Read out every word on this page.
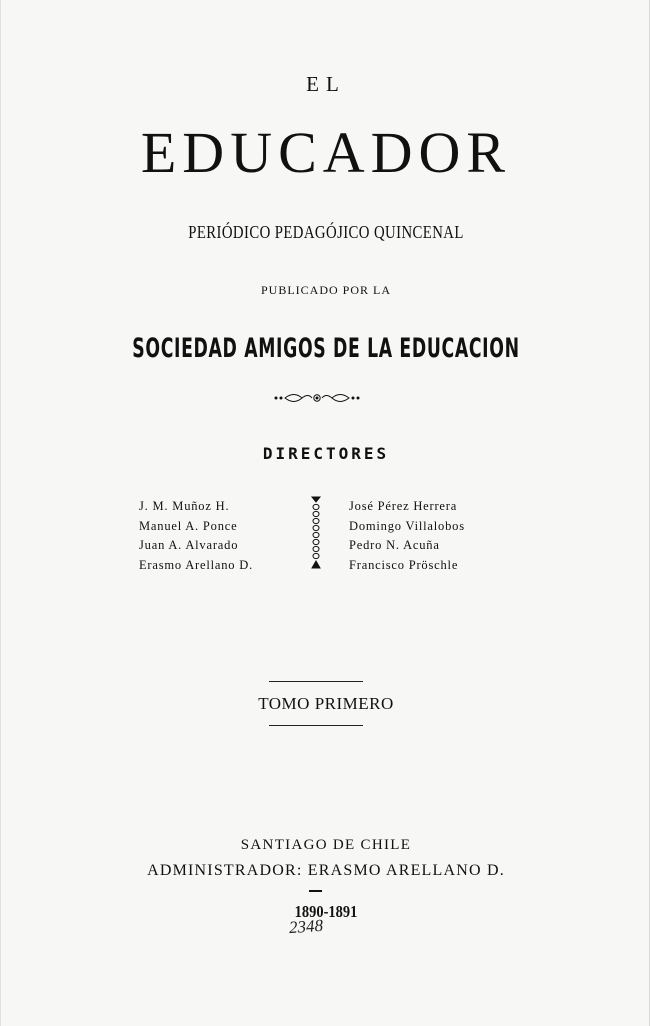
EL
EDUCADOR
PERIÓDICO PEDAGÓJICO QUINCENAL
PUBLICADO POR LA
SOCIEDAD AMIGOS DE LA EDUCACION
DIRECTORES
J. M. Muñoz H.
Manuel A. Ponce
Juan A. Alvarado
Erasmo Arellano D.
José Pérez Herrera
Domingo Villalobos
Pedro N. Acuña
Francisco Pröschle
TOMO PRIMERO
SANTIAGO DE CHILE
ADMINISTRADOR: ERASMO ARELLANO D.
1890-1891
2348
